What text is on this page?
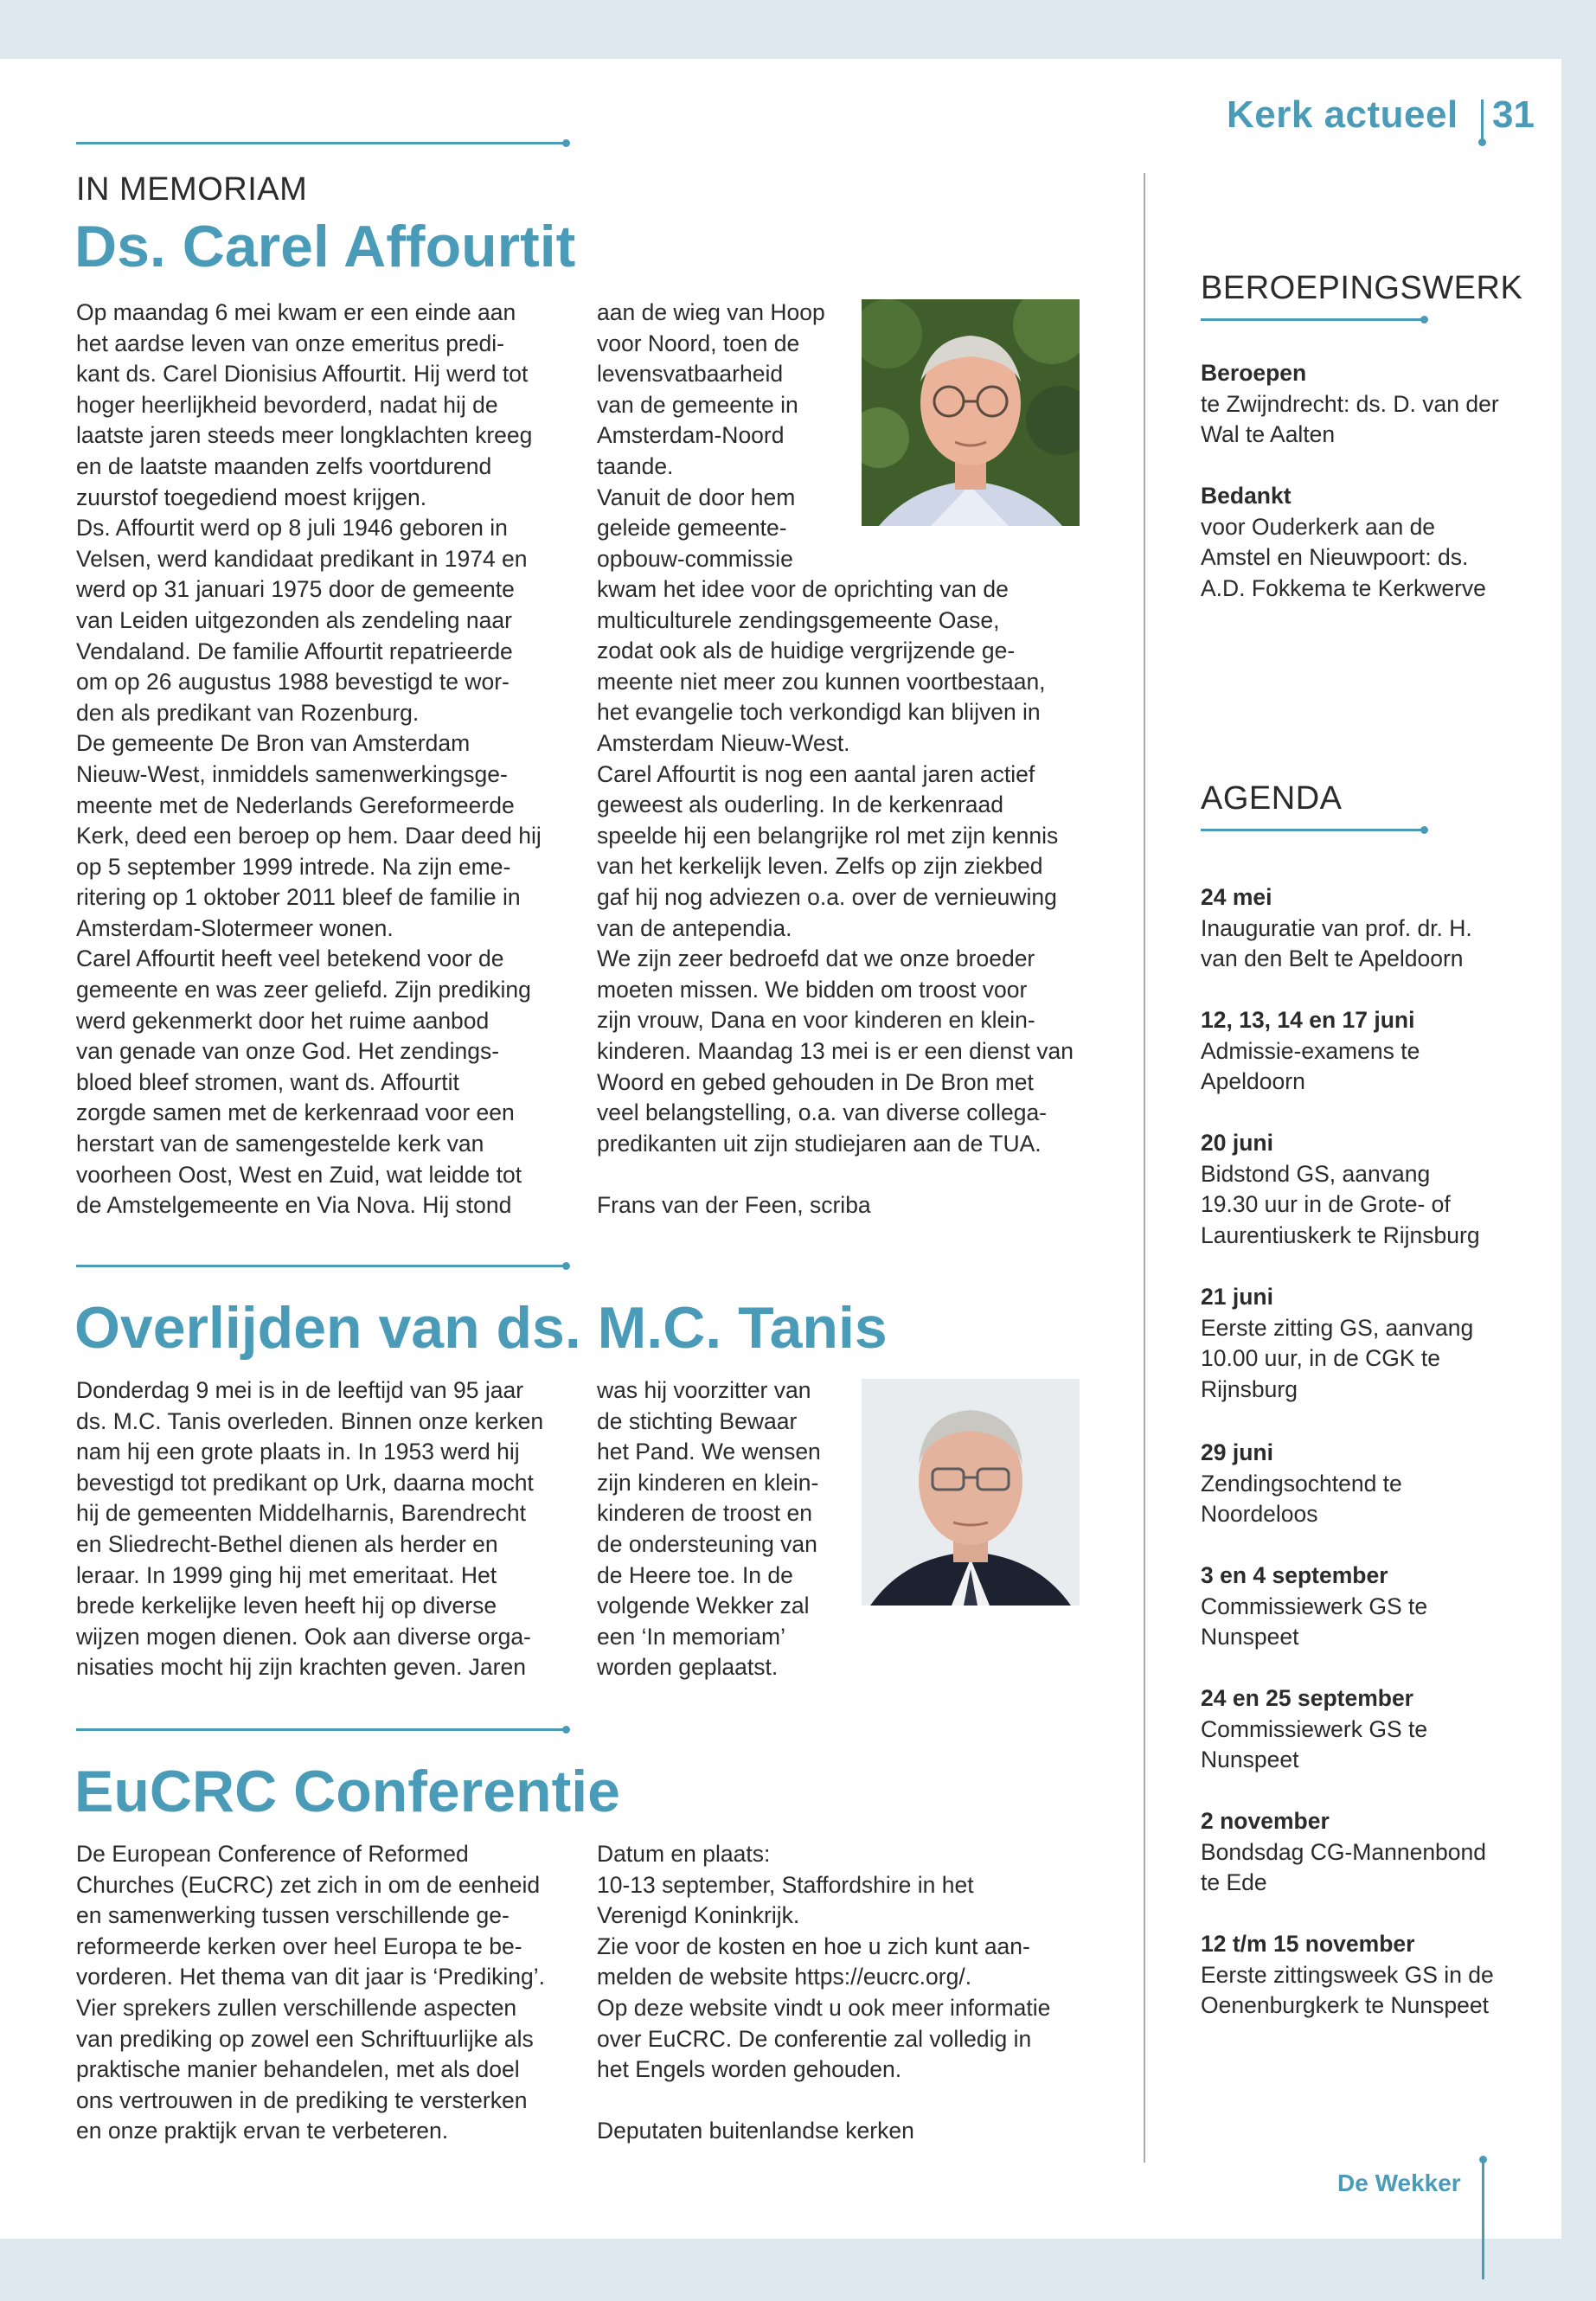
Kerk actueel 31
IN MEMORIAM
Ds. Carel Affourtit
Op maandag 6 mei kwam er een einde aan
het aardse leven van onze emeritus predi-
kant ds. Carel Dionisius Affourtit. Hij werd tot
hoger heerlijkheid bevorderd, nadat hij de
laatste jaren steeds meer longklachten kreeg
en de laatste maanden zelfs voortdurend
zuurstof toegediend moest krijgen.
Ds. Affourtit werd op 8 juli 1946 geboren in
Velsen, werd kandidaat predikant in 1974 en
werd op 31 januari 1975 door de gemeente
van Leiden uitgezonden als zendeling naar
Vendaland. De familie Affourtit repatrieerde
om op 26 augustus 1988 bevestigd te wor-
den als predikant van Rozenburg.
De gemeente De Bron van Amsterdam
Nieuw-West, inmiddels samenwerkingsge-
meente met de Nederlands Gereformeerde
Kerk, deed een beroep op hem. Daar deed hij
op 5 september 1999 intrede. Na zijn eme-
ritering op 1 oktober 2011 bleef de familie in
Amsterdam-Slotermeer wonen.
Carel Affourtit heeft veel betekend voor de
gemeente en was zeer geliefd. Zijn prediking
werd gekenmerkt door het ruime aanbod
van genade van onze God. Het zendings-
bloed bleef stromen, want ds. Affourtit
zorgde samen met de kerkenraad voor een
herstart van de samengestelde kerk van
voorheen Oost, West en Zuid, wat leidde tot
de Amstelgemeente en Via Nova. Hij stond
aan de wieg van Hoop
voor Noord, toen de
levensvatbaarheid
van de gemeente in
Amsterdam-Noord
taande.
Vanuit de door hem
geleide gemeente-
opbouw-commissie
kwam het idee voor de oprichting van de
multiculturele zendingsgemeente Oase,
zodat ook als de huidige vergrijzende ge-
meente niet meer zou kunnen voortbestaan,
het evangelie toch verkondigd kan blijven in
Amsterdam Nieuw-West.
Carel Affourtit is nog een aantal jaren actief
geweest als ouderling. In de kerkenraad
speelde hij een belangrijke rol met zijn kennis
van het kerkelijk leven. Zelfs op zijn ziekbed
gaf hij nog adviezen o.a. over de vernieuwing
van de antependia.
We zijn zeer bedroefd dat we onze broeder
moeten missen. We bidden om troost voor
zijn vrouw, Dana en voor kinderen en klein-
kinderen. Maandag 13 mei is er een dienst van
Woord en gebed gehouden in De Bron met
veel belangstelling, o.a. van diverse collega-
predikanten uit zijn studiejaren aan de TUA.
Frans van der Feen, scriba
Overlijden van ds. M.C. Tanis
Donderdag 9 mei is in de leeftijd van 95 jaar
ds. M.C. Tanis overleden. Binnen onze kerken
nam hij een grote plaats in. In 1953 werd hij
bevestigd tot predikant op Urk, daarna mocht
hij de gemeenten Middelharnis, Barendrecht
en Sliedrecht-Bethel dienen als herder en
leraar. In 1999 ging hij met emeritaat. Het
brede kerkelijke leven heeft hij op diverse
wijzen mogen dienen. Ook aan diverse orga-
nisaties mocht hij zijn krachten geven. Jaren
was hij voorzitter van
de stichting Bewaar
het Pand. We wensen
zijn kinderen en klein-
kinderen de troost en
de ondersteuning van
de Heere toe. In de
volgende Wekker zal
een ‘In memoriam’
worden geplaatst.
EuCRC Conferentie
De European Conference of Reformed
Churches (EuCRC) zet zich in om de eenheid
en samenwerking tussen verschillende ge-
reformeerde kerken over heel Europa te be-
vorderen. Het thema van dit jaar is ‘Prediking’.
Vier sprekers zullen verschillende aspecten
van prediking op zowel een Schriftuurlijke als
praktische manier behandelen, met als doel
ons vertrouwen in de prediking te versterken
en onze praktijk ervan te verbeteren.
Datum en plaats:
10-13 september, Staffordshire in het
Verenigd Koninkrijk.
Zie voor de kosten en hoe u zich kunt aan-
melden de website https://eucrc.org/.
Op deze website vindt u ook meer informatie
over EuCRC. De conferentie zal volledig in
het Engels worden gehouden.
Deputaten buitenlandse kerken
BEROEPINGSWERK
Beroepen
te Zwijndrecht: ds. D. van der
Wal te Aalten
Bedankt
voor Ouderkerk aan de
Amstel en Nieuwpoort: ds.
A.D. Fokkema te Kerkwerve
AGENDA
24 mei
Inauguratie van prof. dr. H.
van den Belt te Apeldoorn
12, 13, 14 en 17 juni
Admissie-examens te
Apeldoorn
20 juni
Bidstond GS, aanvang
19.30 uur in de Grote- of
Laurentiuskerk te Rijnsburg
21 juni
Eerste zitting GS, aanvang
10.00 uur, in de CGK te
Rijnsburg
29 juni
Zendingsochtend te
Noordeloos
3 en 4 september
Commissiewerk GS te
Nunspeet
24 en 25 september
Commissiewerk GS te
Nunspeet
2 november
Bondsdag CG-Mannenbond
te Ede
12 t/m 15 november
Eerste zittingsweek GS in de
Oenenburgkerk te Nunspeet
De Wekker
